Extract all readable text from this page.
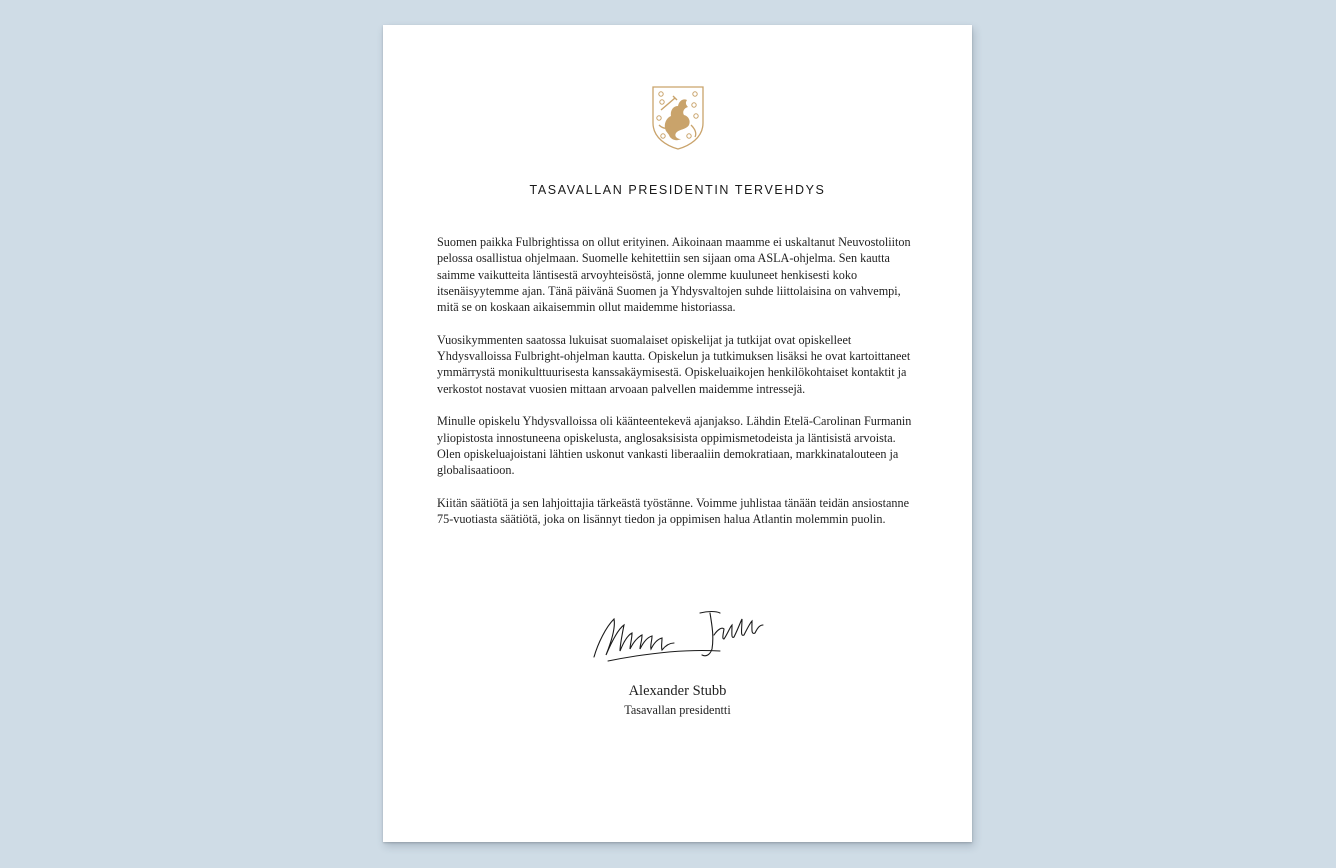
TASAVALLAN PRESIDENTIN TERVEHDYS

Suomen paikka Fulbrightissa on ollut erityinen. Aikoinaan maamme ei uskaltanut Neuvostoliiton pelossa osallistua ohjelmaan. Suomelle kehitettiin sen sijaan oma ASLA-ohjelma. Sen kautta saimme vaikutteita läntisestä arvoyhteisöstä, jonne olemme kuuluneet henkisesti koko itsenäisyytemme ajan. Tänä päivänä Suomen ja Yhdysvaltojen suhde liittolaisina on vahvempi, mitä se on koskaan aikaisemmin ollut maidemme historiassa.

Vuosikymmenten saatossa lukuisat suomalaiset opiskelijat ja tutkijat ovat opiskelleet Yhdysvalloissa Fulbright-ohjelman kautta. Opiskelun ja tutkimuksen lisäksi he ovat kartoittaneet ymmärrystä monikulttuurisesta kanssakäymisestä. Opiskeluaikojen henkilökohtaiset kontaktit ja verkostot nostavat vuosien mittaan arvoaan palvellen maidemme intressejä.

Minulle opiskelu Yhdysvalloissa oli käänteentekevä ajanjakso. Lähdin Etelä-Carolinan Furmanin yliopistosta innostuneena opiskelusta, anglosaksisista oppimismetodeista ja läntisistä arvoista. Olen opiskeluajoistani lähtien uskonut vankasti liberaaliin demokratiaan, markkinatalouteen ja globalisaatioon.

Kiitän säätiötä ja sen lahjoittajia tärkeästä työstänne. Voimme juhlistaa tänään teidän ansiostanne 75-vuotiasta säätiötä, joka on lisännyt tiedon ja oppimisen halua Atlantin molemmin puolin.

Alexander Stubb
Tasavallan presidentti
